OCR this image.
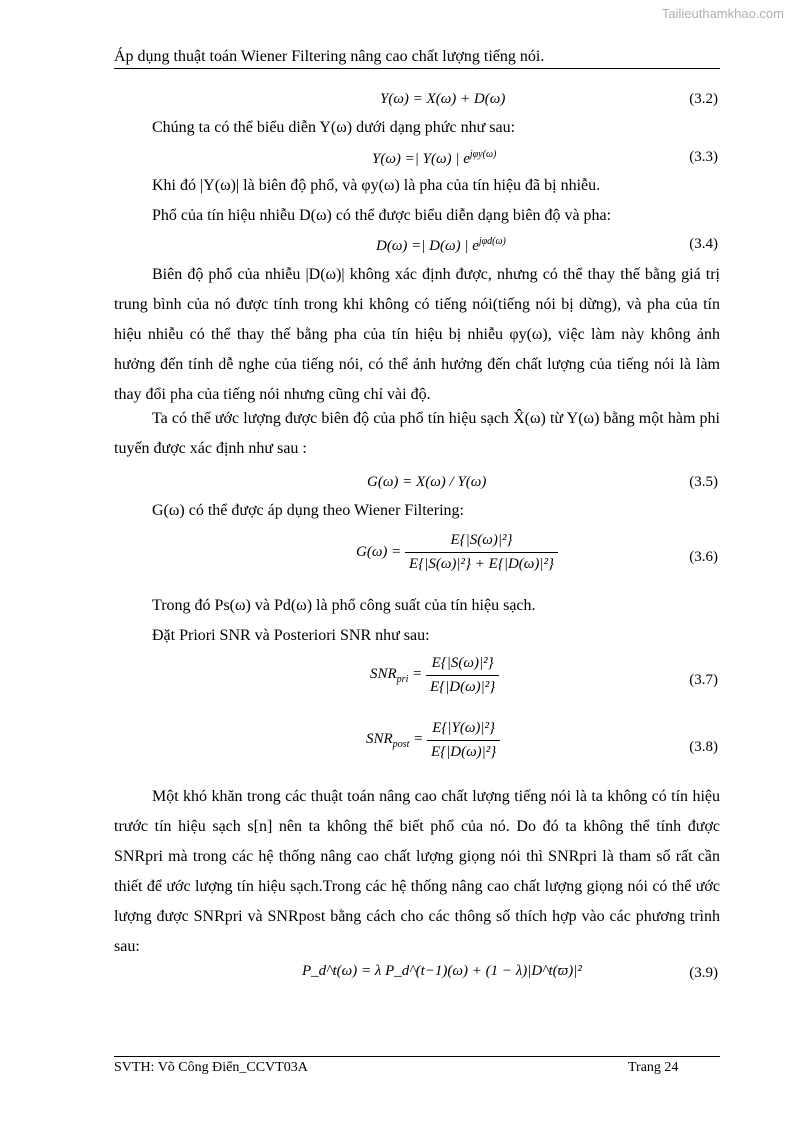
Tailieuthamkhao.com
Áp dụng thuật toán Wiener Filtering nâng cao chất lượng tiếng nói.
Y(ω) = X(ω) + D(ω)	(3.2)
Chúng ta có thể biểu diễn Y(ω) dưới dạng phức như sau:
Y(ω) =| Y(ω) | $e^{j\varphi y(\omega)}$	(3.3)
Khi đó |Y(ω)| là biên độ phổ, và φy(ω) là pha của tín hiệu đã bị nhiễu.
Phổ của tín hiệu nhiễu D(ω) có thể được biểu diễn dạng biên độ và pha:
D(ω) =| D(ω) | $e^{j\varphi d(\omega)}$	(3.4)
Biên độ phổ của nhiễu |D(ω)| không xác định được, nhưng có thể thay thế bằng giá trị trung bình của nó được tính trong khi không có tiếng nói(tiếng nói bị dừng), và pha của tín hiệu nhiễu có thể thay thế bằng pha của tín hiệu bị nhiễu φy(ω), việc làm này không ảnh hưởng đến tính dễ nghe của tiếng nói, có thể ảnh hưởng đến chất lượng của tiếng nói là làm thay đổi pha của tiếng nói nhưng cũng chỉ vài độ.
Ta có thể ước lượng được biên độ của phổ tín hiệu sạch X̂(ω) từ Y(ω) bằng một hàm phi tuyến được xác định như sau :
G(ω) = X(ω) / Y(ω)	(3.5)
G(ω) có thể được áp dụng theo Wiener Filtering:
$G(\omega) = \frac{\text{E\{|S(ω)|²\}}}{\text{E\{|S(ω)|²\} + E\{|D(ω)|²\}}}$	(3.6)
Trong đó Ps(ω) và Pd(ω) là phổ công suất của tín hiệu sạch.
Đặt Priori SNR và Posteriori SNR như sau:
$SNR_{pri} = \frac{\text{E\{|S(ω)|²\}}}{\text{E\{|D(ω)|²\}}}$	(3.7)
$SNR_{post} = \frac{\text{E\{|Y(ω)|²\}}}{\text{E\{|D(ω)|²\}}}$	(3.8)
Một khó khăn trong các thuật toán nâng cao chất lượng tiếng nói là ta không có tín hiệu trước tín hiệu sạch s[n] nên ta không thể biết phổ của nó. Do đó ta không thể tính được SNRpri mà trong các hệ thống nâng cao chất lượng giọng nói thì SNRpri là tham số rất cần thiết để ước lượng tín hiệu sạch.Trong các hệ thống nâng cao chất lượng giọng nói có thể ước lượng được SNRpri và SNRpost bằng cách cho các thông số thích hợp vào các phương trình sau:
P_d^t(ω) = λ P_d^(t−1)(ω) + (1 − λ)|D^t(ϖ)|²	(3.9)
SVTH: Võ Công Điển_CCVT03A	Trang 24
